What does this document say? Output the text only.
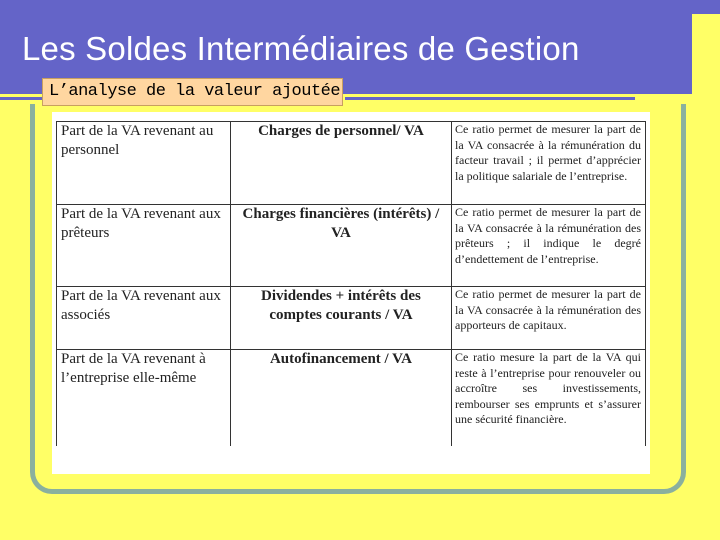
Les Soldes Intermédiaires de Gestion
L’analyse de la valeur ajoutée
Part de la VA revenant au personnel	Charges de personnel/ VA	Ce ratio permet de mesurer la part de la VA consacrée à la rémunération du facteur travail ; il permet d’apprécier la politique salariale de l’entreprise.
Part de la VA revenant aux prêteurs	Charges financières (intérêts) / VA	Ce ratio permet de mesurer la part de la VA consacrée à la rémunération des prêteurs ; il indique le degré d’endettement de l’entreprise.
Part de la VA revenant aux associés	Dividendes + intérêts des comptes courants / VA	Ce ratio permet de mesurer la part de la VA consacrée à la rémunération des apporteurs de capitaux.
Part de la VA revenant à l’entreprise elle-même	Autofinancement / VA	Ce ratio mesure la part de la VA qui reste à l’entreprise pour renouveler ou accroître ses investissements, rembourser ses emprunts et s’assurer une sécurité financière.
